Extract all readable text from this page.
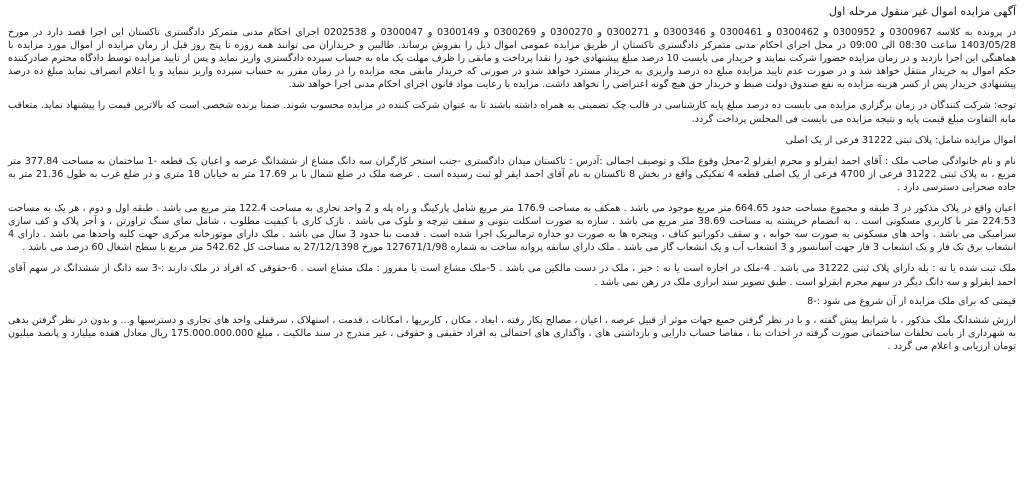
آگهی مزایده اموال غیر منقول مرحله اول
در پرونده به کلاسه 0300967 و 0300952 و 0300462 و 0300461 و 0300346 و 0300271 و 0300270 و 0300269 و 0300149 و 0300047 و 0202538 اجرای احکام مدنی متمرکز دادگستری تاکستان این اجرا قصد دارد در مورخ 1403/05/28 ساعت 08:30 الی 09:00 در محل اجرای احکام مدنی متمرکز دادگستری تاکستان از طریق مزایده عمومی اموال ذیل را بفروش برساند. طالبین و خریداران می توانند همه روزه تا پنج روز قبل از زمان مزایده از اموال مورد مزایده با هماهنگی این اجرا بازدید و در زمان مزایده حضورا شرکت نمایند و خریدار می بایست 10 درصد مبلغ پیشنهادی خود را نقدا پرداخت و مابقی را ظرف مهلت یک ماه به حساب سپرده دادگستری واریز نماید و پس از تایید مزایده توسط دادگاه محترم صادرکننده حکم اموال به خریدار منتقل خواهد شد و در صورت عدم تایید مزایده مبلغ ده درصد واریزی به خریدار مسترد خواهد شدو در صورتی که خریدار مابقی مجه مزایده را در زمان مقرر به حساب سپرده واریز ننماید و یا اعلام انصراف نماید مبلغ ده درصد پیشنهادی خریدار پس از کسر هزینه مزایده به نفع صندوق دولت ضبط و خریدار حق هیچ گونه اعتراضی را نخواهد داشت. مزایده با رعایت مواد قانون اجرای احکام مدنی اجرا خواهد شد.
توجه: شرکت کنندگان در زمان برگزاری مزایده می بایست ده درصد مبلغ پایه کارشناسی در قالب چک تضمینی به همراه داشته باشند تا به عنوان شرکت کننده در مزایده محسوب شوند. ضمنا برنده شخصی است که بالاترین قیمت را پیشنهاد نماید. متعاقب مابه التفاوت مبلغ قیمت پایه و نتیجه مزایده می بایست فی المجلس پرداخت گردد.
اموال مزایده شامل: پلاک ثبتی 31222 فرعی از یک اصلی
نام و نام خانوادگی صاحب ملک : آقای احمد ایقرلو و محرم ایقرلو 2-محل وقوع ملک و توصیف اجمالی :آدرس : تاکستان میدان دادگستری -جنب استخر کارگران سه دانگ مشاع از ششدانگ عرصه و اعیان یک قطعه -1 ساختمان به مساحت 377.84 متر مربع ، به پلاک ثبتی 31222 فرعی از 4700 فرعی از یک اصلی قطعه 4 تفکیکی واقع در بخش 8 تاکستان به نام آقای احمد ایقر لو ثبت رسیده است . عرصه ملک در ضلع شمال با بر 17.69 متر به خیابان 18 متری و در ضلع غرب به طول 21.36 متر به جاده صحرایی دسترسی دارد .
اعیان واقع در پلاک مذکور در 3 طبقه و مجموع مساحت حدود 664.65 متر مربع موجود می باشد . همکف به مساحت 176.9 متر مربع شامل پارکینگ و راه پله و 2 واحد تجاری به مساحت 122.4 متر مربع می باشد . طبقه اول و دوم ، هر یک به مساحت 224.53 متر با کاربری مسکونی است . به انضمام خرپشته به مساحت 38.69 متر مربع می باشد . سازه به صورت اسکلت بتونی و سقف تیرچه و بلوک می باشد . نازک کاری با کیفیت مطلوب ، شامل نمای سنگ تراورتن ، و آجر پلاک و کف سازی سرامیکی می باشد . واحد های مسکونی به صورت سه خوابه ، و سقف دکوراتیو کناف ، وپنجره ها به صورت دو جداره ترمالبریک اجرا شده است . قدمت بنا حدود 3 سال می باشد . ملک دارای موتورخانه مرکزی جهت کلیه واحدها می باشد . دارای 4 انشعاب برق تک فاز و یک انشعاب 3 فاز جهت آسانسور و 3 انشعاب آب و یک انشعاب گاز می باشد . ملک دارای سابقه پروانه ساخت به شماره 127671/1/98 مورخ 27/12/1398 به مساحت کل 542.62 متر مربع با سطح اشغال 60 درصد می باشد .
ملک ثبت شده یا نه : بله دارای پلاک ثبتی 31222 می باشد . 4-ملک در اجاره است یا نه : خیر ، ملک در دست مالکین می باشد . 5-ملک مشاع است یا مفروز : ملک مشاع است . 6-حقوقی که افراد در ملک دارند :-3 سه دانگ از ششدانگ در سهم آقای احمد ایقرلو و سه دانگ دیگر در سهم محرم ایقرلو است . طبق تصویر سند ابرازی ملک در رهن نمی باشد .
قیمتی که برای ملک مزایده از آن شروع می شود :-8
ارزش ششدانگ ملک مذکور ، با شرایط پیش گفته ، و با در نظر گرفتن جمیع جهات موثر از قبیل عرصه ، اعیان ، مصالح بکار رفته ، ابعاد ، مکان ، کاربریها ، امکانات ، قدمت ، استهلاک ، سرقفلی واحد های تجاری و دسترسیها و... و بدون در نظر گرفتن بدهی به شهرداری از بابت تخلفات ساختمانی صورت گرفته در احداث بنا ، مفاصا حساب دارایی و بازداشتی های ، واگذاری های احتمالی به افراد حقیقی و حقوقی ، غیر مندرج در سند مالکیت ، مبلغ 175.000.000.000 ریال معادل هفده میلیارد و پانصد میلیون تومان ارزیابی و اعلام می گردد .
